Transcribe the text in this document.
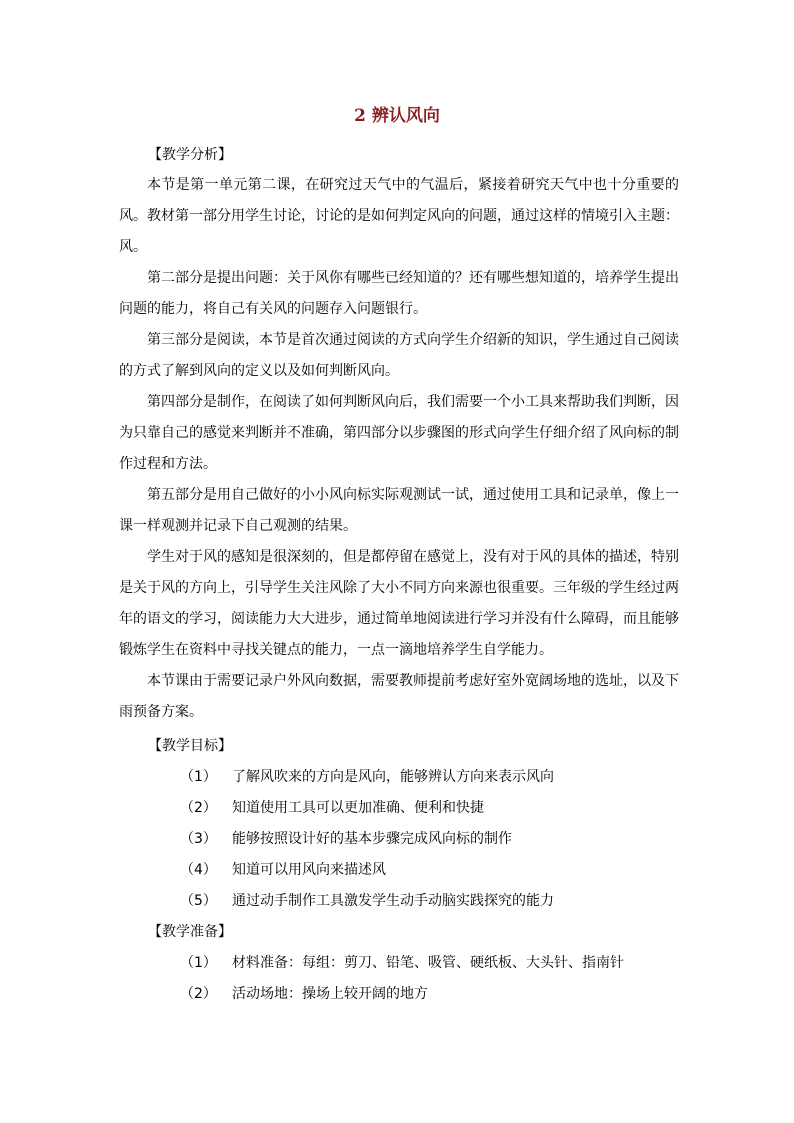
2 辨认风向
【教学分析】
本节是第一单元第二课，在研究过天气中的气温后，紧接着研究天气中也十分重要的风。 教材第一部分用学生讨论，讨论的是如何判定风向的问题，通过这样的情境引入主题：风。
第二部分是提出问题：关于风你有哪些已经知道的？还有哪些想知道的，培养学生提出问题的能力，将自己有关风的问题存入问题银行。
第三部分是阅读，本节是首次通过阅读的方式向学生介绍新的知识，学生通过自己阅读的方式了解到风向的定义以及如何判断风向。
第四部分是制作，在阅读了如何判断风向后，我们需要一个小工具来帮助我们判断，因为只靠自己的感觉来判断并不准确，第四部分以步骤图的形式向学生仔细介绍了风向标的制作过程和方法。
第五部分是用自己做好的小小风向标实际观测试一试，通过使用工具和记录单，像上一课一样观测并记录下自己观测的结果。
学生对于风的感知是很深刻的，但是都停留在感觉上，没有对于风的具体的描述，特别是关于风的方向上，引导学生关注风除了大小不同方向来源也很重要。三年级的学生经过两年的语文的学习，阅读能力大大进步，通过简单地阅读进行学习并没有什么障碍，而且能够锻炼学生在资料中寻找关键点的能力，一点一滴地培养学生自学能力。
本节课由于需要记录户外风向数据，需要教师提前考虑好室外宽阔场地的选址，以及下雨预备方案。
【教学目标】
（1） 了解风吹来的方向是风向，能够辨认方向来表示风向
（2） 知道使用工具可以更加准确、便利和快捷
（3） 能够按照设计好的基本步骤完成风向标的制作
（4） 知道可以用风向来描述风
（5） 通过动手制作工具激发学生动手动脑实践探究的能力
【教学准备】
（1） 材料准备：每组：剪刀、铅笔、吸管、硬纸板、大头针、指南针
（2） 活动场地：操场上较开阔的地方
